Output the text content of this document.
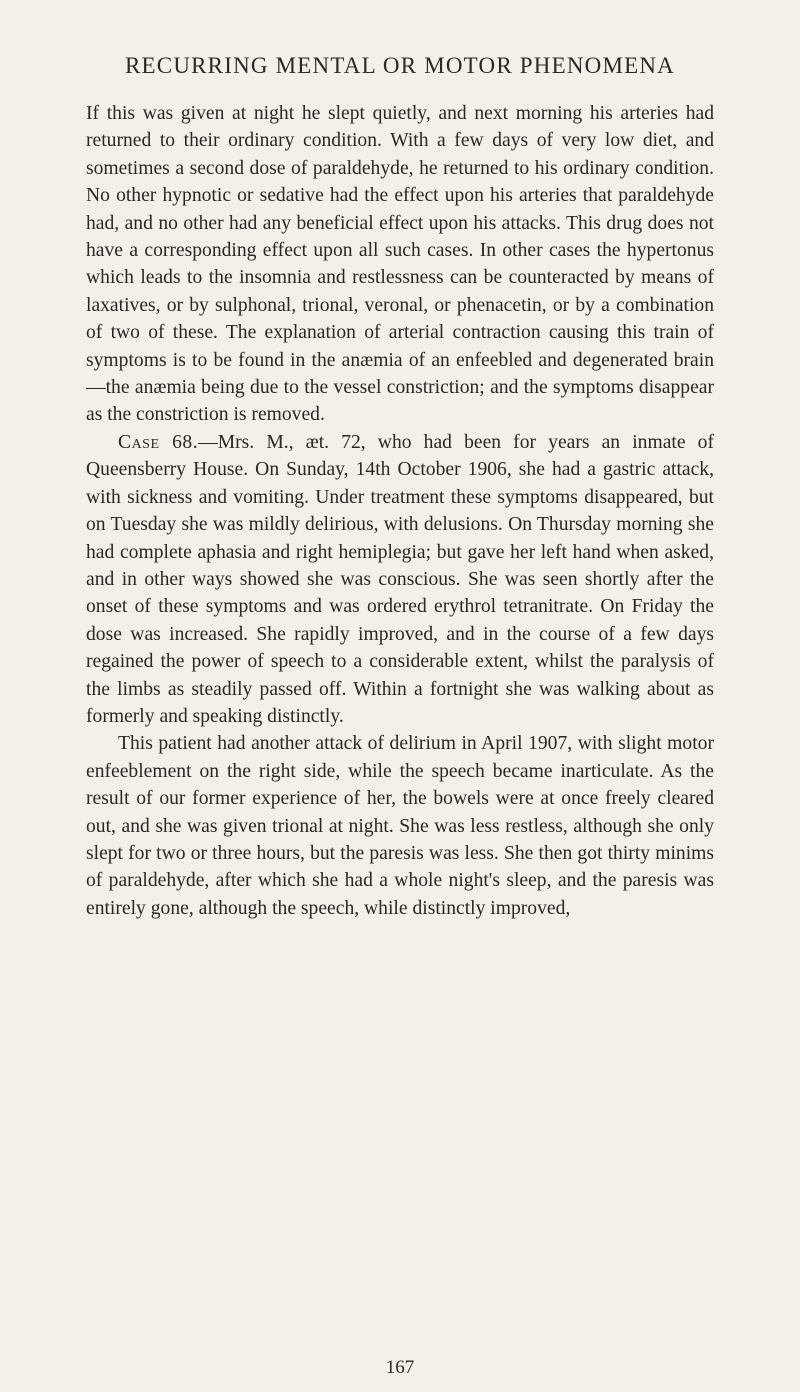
RECURRING MENTAL OR MOTOR PHENOMENA

If this was given at night he slept quietly, and next morning his arteries had returned to their ordinary condition. With a few days of very low diet, and sometimes a second dose of paraldehyde, he returned to his ordinary condition. No other hypnotic or sedative had the effect upon his arteries that paraldehyde had, and no other had any beneficial effect upon his attacks. This drug does not have a corresponding effect upon all such cases. In other cases the hypertonus which leads to the insomnia and restlessness can be counteracted by means of laxatives, or by sulphonal, trional, veronal, or phenacetin, or by a combination of two of these. The explanation of arterial contraction causing this train of symptoms is to be found in the anæmia of an enfeebled and degenerated brain—the anæmia being due to the vessel constriction; and the symptoms disappear as the constriction is removed.

Case 68.—Mrs. M., æt. 72, who had been for years an inmate of Queensberry House. On Sunday, 14th October 1906, she had a gastric attack, with sickness and vomiting. Under treatment these symptoms disappeared, but on Tuesday she was mildly delirious, with delusions. On Thursday morning she had complete aphasia and right hemiplegia; but gave her left hand when asked, and in other ways showed she was conscious. She was seen shortly after the onset of these symptoms and was ordered erythrol tetranitrate. On Friday the dose was increased. She rapidly improved, and in the course of a few days regained the power of speech to a considerable extent, whilst the paralysis of the limbs as steadily passed off. Within a fortnight she was walking about as formerly and speaking distinctly.

This patient had another attack of delirium in April 1907, with slight motor enfeeblement on the right side, while the speech became inarticulate. As the result of our former experience of her, the bowels were at once freely cleared out, and she was given trional at night. She was less restless, although she only slept for two or three hours, but the paresis was less. She then got thirty minims of paraldehyde, after which she had a whole night's sleep, and the paresis was entirely gone, although the speech, while distinctly improved,

167
